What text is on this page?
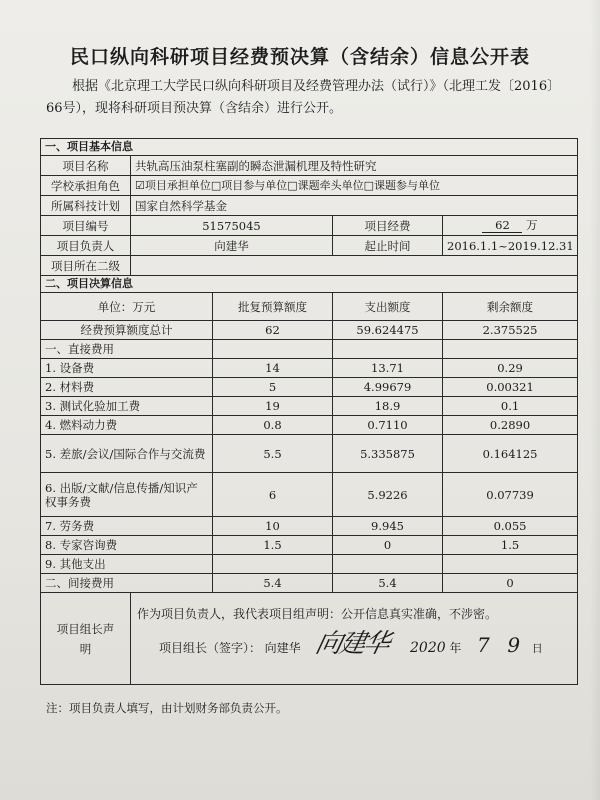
民口纵向科研项目经费预决算（含结余）信息公开表
根据《北京理工大学民口纵向科研项目及经费管理办法（试行）》（北理工发〔2016〕66号），现将科研项目预决算（含结余）进行公开。
一、项目基本信息				
项目名称	共轨高压油泵柱塞副的瞬态泄漏机理及特性研究			
学校承担角色	☑项目承担单位□项目参与单位□课题牵头单位□课题参与单位			
所属科技计划	国家自然科学基金			
项目编号	51575045		项目经费	62 万
项目负责人	向建华		起止时间	2016.1.1~2019.12.31
项目所在二级				
二、项目决算信息				
单位：万元		批复预算额度	支出额度	剩余额度
经费预算额度总计		62	59.624475	2.375525
一、直接费用				
1. 设备费		14	13.71	0.29
2. 材料费		5	4.99679	0.00321
3. 测试化验加工费		19	18.9	0.1
4. 燃料动力费		0.8	0.7110	0.2890
5. 差旅/会议/国际合作与交流费		5.5	5.335875	0.164125
6. 出版/文献/信息传播/知识产权事务费		6	5.9226	0.07739
7. 劳务费		10	9.945	0.055
8. 专家咨询费		1.5	0	1.5
9. 其他支出				
二、间接费用		5.4	5.4	0
项目组长声明	作为项目负责人，我代表项目组声明：公开信息真实准确，不涉密。
项目组长（签字）： 向建华 向建华 2020 年 7 9 日			
注：项目负责人填写，由计划财务部负责公开。
